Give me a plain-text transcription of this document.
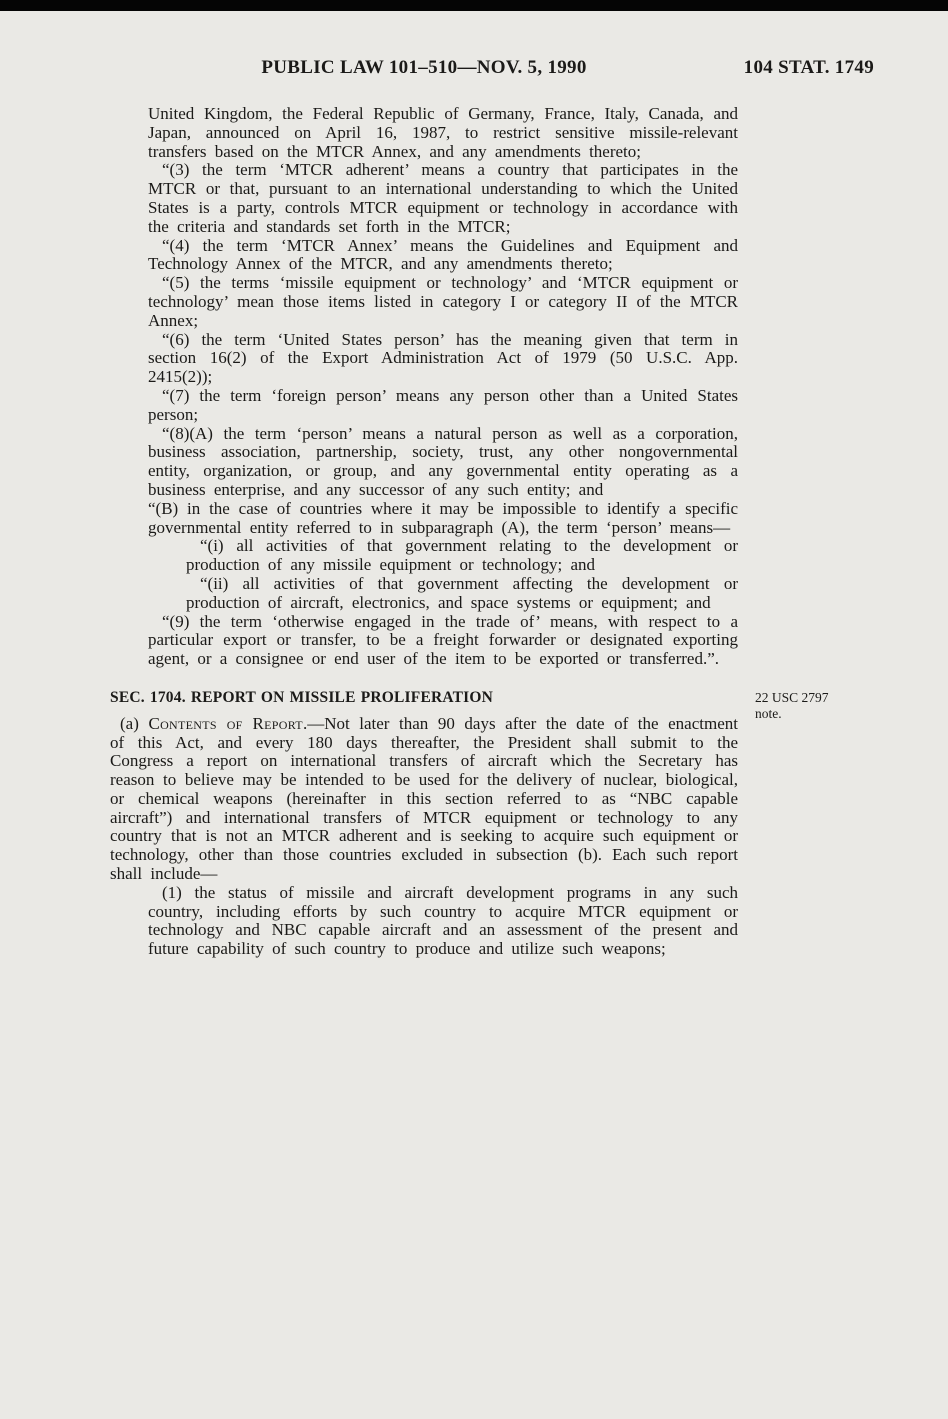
PUBLIC LAW 101–510—NOV. 5, 1990	104 STAT. 1749

United Kingdom, the Federal Republic of Germany, France, Italy, Canada, and Japan, announced on April 16, 1987, to restrict sensitive missile-relevant transfers based on the MTCR Annex, and any amendments thereto;

“(3) the term ‘MTCR adherent’ means a country that participates in the MTCR or that, pursuant to an international understanding to which the United States is a party, controls MTCR equipment or technology in accordance with the criteria and standards set forth in the MTCR;

“(4) the term ‘MTCR Annex’ means the Guidelines and Equipment and Technology Annex of the MTCR, and any amendments thereto;

“(5) the terms ‘missile equipment or technology’ and ‘MTCR equipment or technology’ mean those items listed in category I or category II of the MTCR Annex;

“(6) the term ‘United States person’ has the meaning given that term in section 16(2) of the Export Administration Act of 1979 (50 U.S.C. App. 2415(2));

“(7) the term ‘foreign person’ means any person other than a United States person;

“(8)(A) the term ‘person’ means a natural person as well as a corporation, business association, partnership, society, trust, any other nongovernmental entity, organization, or group, and any governmental entity operating as a business enterprise, and any successor of any such entity; and

“(B) in the case of countries where it may be impossible to identify a specific governmental entity referred to in subparagraph (A), the term ‘person’ means—

“(i) all activities of that government relating to the development or production of any missile equipment or technology; and

“(ii) all activities of that government affecting the development or production of aircraft, electronics, and space systems or equipment; and

“(9) the term ‘otherwise engaged in the trade of’ means, with respect to a particular export or transfer, to be a freight forwarder or designated exporting agent, or a consignee or end user of the item to be exported or transferred.”.

SEC. 1704. REPORT ON MISSILE PROLIFERATION	22 USC 2797
note.

(a) Contents of Report.—Not later than 90 days after the date of the enactment of this Act, and every 180 days thereafter, the President shall submit to the Congress a report on international transfers of aircraft which the Secretary has reason to believe may be intended to be used for the delivery of nuclear, biological, or chemical weapons (hereinafter in this section referred to as “NBC capable aircraft”) and international transfers of MTCR equipment or technology to any country that is not an MTCR adherent and is seeking to acquire such equipment or technology, other than those countries excluded in subsection (b). Each such report shall include—

(1) the status of missile and aircraft development programs in any such country, including efforts by such country to acquire MTCR equipment or technology and NBC capable aircraft and an assessment of the present and future capability of such country to produce and utilize such weapons;
